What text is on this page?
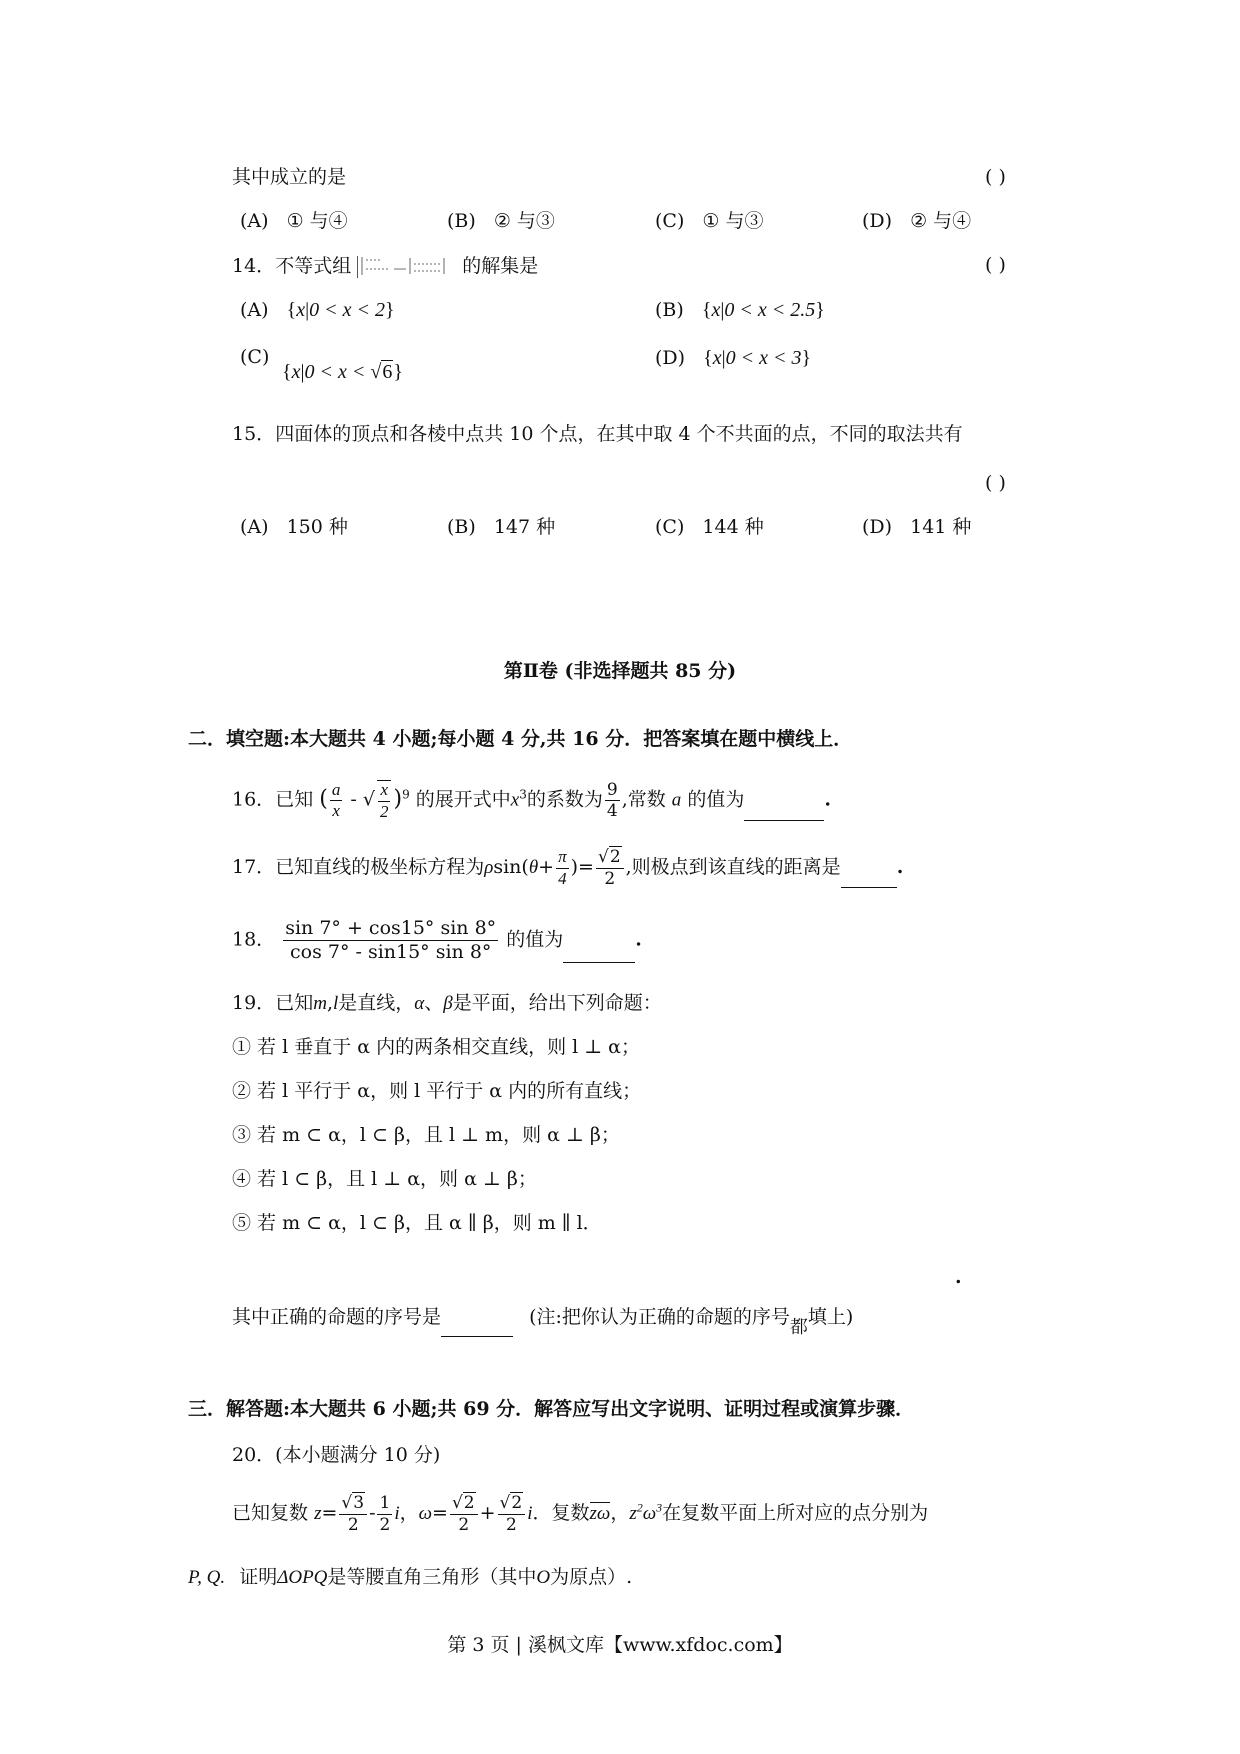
其中成立的是	( )
(A) ① 与④	(B) ② 与③	(C) ① 与③	(D) ② 与④
14．不等式组	的解集是	( )
(A) {x|0 < x < 2}	(B) {x|0 < x < 2.5}
(C)
{x|0 < x < √6}
(D) {x|0 < x < 3}
15．四面体的顶点和各棱中点共 10 个点，在其中取 4 个不共面的点，不同的取法共有
( )
(A) 150 种	(B) 147 种	(C) 144 种	(D) 141 种
第Ⅱ卷 (非选择题共 85 分)
二．填空题:本大题共 4 小题;每小题 4 分,共 16 分．把答案填在题中横线上．
16．已知 ( $\frac{a}{x}$ - √ $\frac{x}{2} )^9$ 的展开式中$x^3$的系数为 $\frac{9}{4}$ ,常数 a 的值为	.
17．已知直线的极坐标方程为$\rho\sin(\theta+ \frac{\pi}{4}$ )= $\frac{√2}{2}$ ,则极点到该直线的距离是	.
18． $\frac{\sin 7^\circ + \cos 15^\circ \sin 8^\circ}{\cos 7^\circ - \sin 15^\circ \sin 8^\circ}$ 的值为	.
19．已知m,l是直线，α、β是平面，给出下列命题：
① 若 l 垂直于 α 内的两条相交直线，则 l ⊥ α；
② 若 l 平行于 α，则 l 平行于 α 内的所有直线；
③ 若 m ⊂ α，l ⊂ β，且 l ⊥ m，则 α ⊥ β；
④ 若 l ⊂ β，且 l ⊥ α，则 α ⊥ β；
⑤ 若 m ⊂ α，l ⊂ β，且 α ∥ β，则 m ∥ l．
.
其中正确的命题的序号是	(注:把你认为正确的命题的序号都填上)
三．解答题:本大题共 6 小题;共 69 分．解答应写出文字说明、证明过程或演算步骤．
20．(本小题满分 10 分)
已知复数 $z= \frac{√3}{2} - \frac{1}{2}$ i，$\omega= \frac{√2}{2} + \frac{√2}{2}$ i．复数zω，$z^2\omega^3$在复数平面上所对应的点分别为
P, Q. 证明ΔOPQ是等腰直角三角形（其中O为原点）.
第 3 页 | 溪枫文库【www.xfdoc.com】
